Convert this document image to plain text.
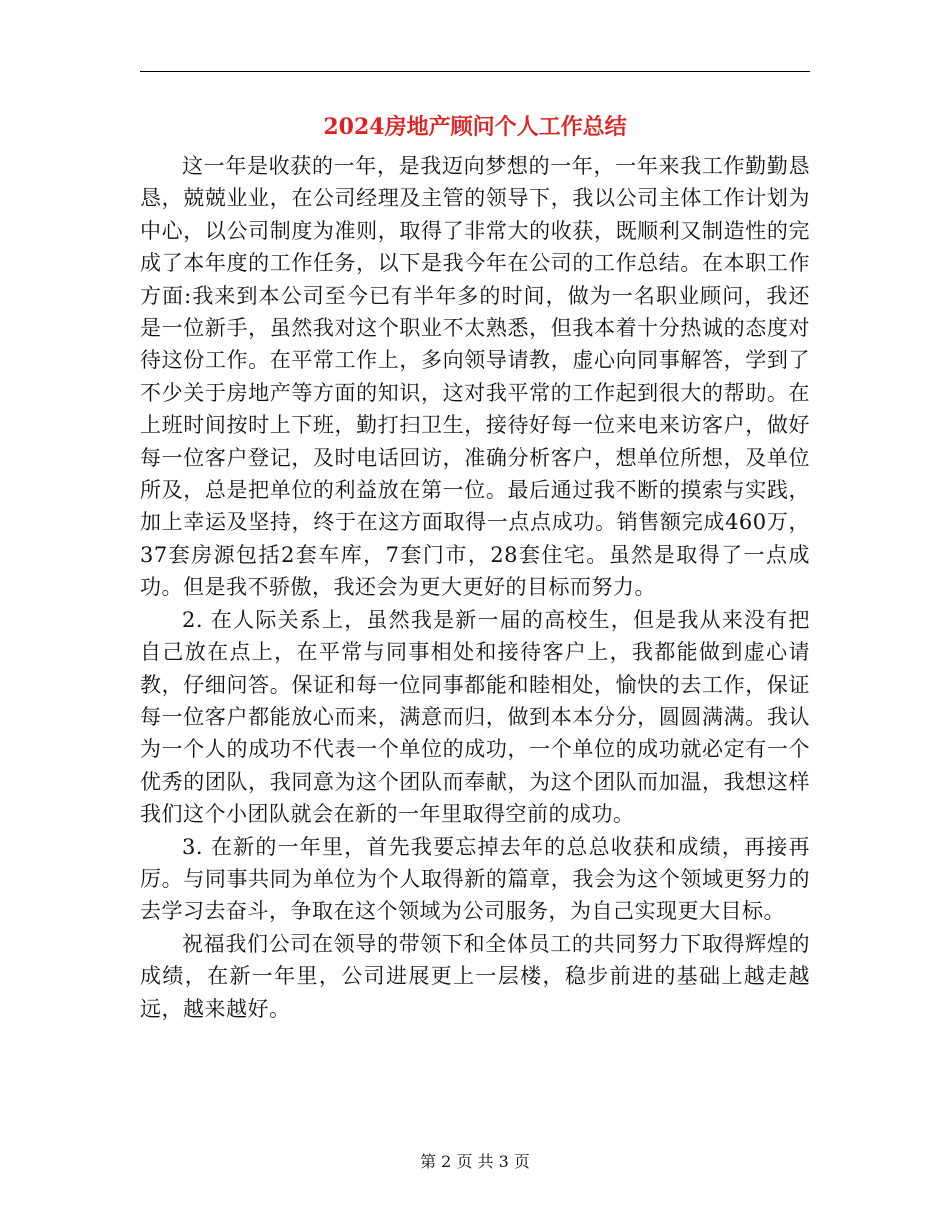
2024房地产顾问个人工作总结

这一年是收获的一年，是我迈向梦想的一年，一年来我工作勤勤恳恳，兢兢业业，在公司经理及主管的领导下，我以公司主体工作计划为中心，以公司制度为准则，取得了非常大的收获，既顺利又制造性的完成了本年度的工作任务，以下是我今年在公司的工作总结。在本职工作方面:我来到本公司至今已有半年多的时间，做为一名职业顾问，我还是一位新手，虽然我对这个职业不太熟悉，但我本着十分热诚的态度对待这份工作。在平常工作上，多向领导请教，虚心向同事解答，学到了不少关于房地产等方面的知识，这对我平常的工作起到很大的帮助。在上班时间按时上下班，勤打扫卫生，接待好每一位来电来访客户，做好每一位客户登记，及时电话回访，准确分析客户，想单位所想，及单位所及，总是把单位的利益放在第一位。最后通过我不断的摸索与实践，加上幸运及坚持，终于在这方面取得一点点成功。销售额完成460万，37套房源包括2套车库，7套门市，28套住宅。虽然是取得了一点成功。但是我不骄傲，我还会为更大更好的目标而努力。

2. 在人际关系上，虽然我是新一届的高校生，但是我从来没有把自己放在点上，在平常与同事相处和接待客户上，我都能做到虚心请教，仔细问答。保证和每一位同事都能和睦相处，愉快的去工作，保证每一位客户都能放心而来，满意而归，做到本本分分，圆圆满满。我认为一个人的成功不代表一个单位的成功，一个单位的成功就必定有一个优秀的团队，我同意为这个团队而奉献，为这个团队而加温，我想这样我们这个小团队就会在新的一年里取得空前的成功。

3. 在新的一年里，首先我要忘掉去年的总总收获和成绩，再接再厉。与同事共同为单位为个人取得新的篇章，我会为这个领域更努力的去学习去奋斗，争取在这个领域为公司服务，为自己实现更大目标。

祝福我们公司在领导的带领下和全体员工的共同努力下取得辉煌的成绩，在新一年里，公司进展更上一层楼，稳步前进的基础上越走越远，越来越好。

第 2 页 共 3 页
